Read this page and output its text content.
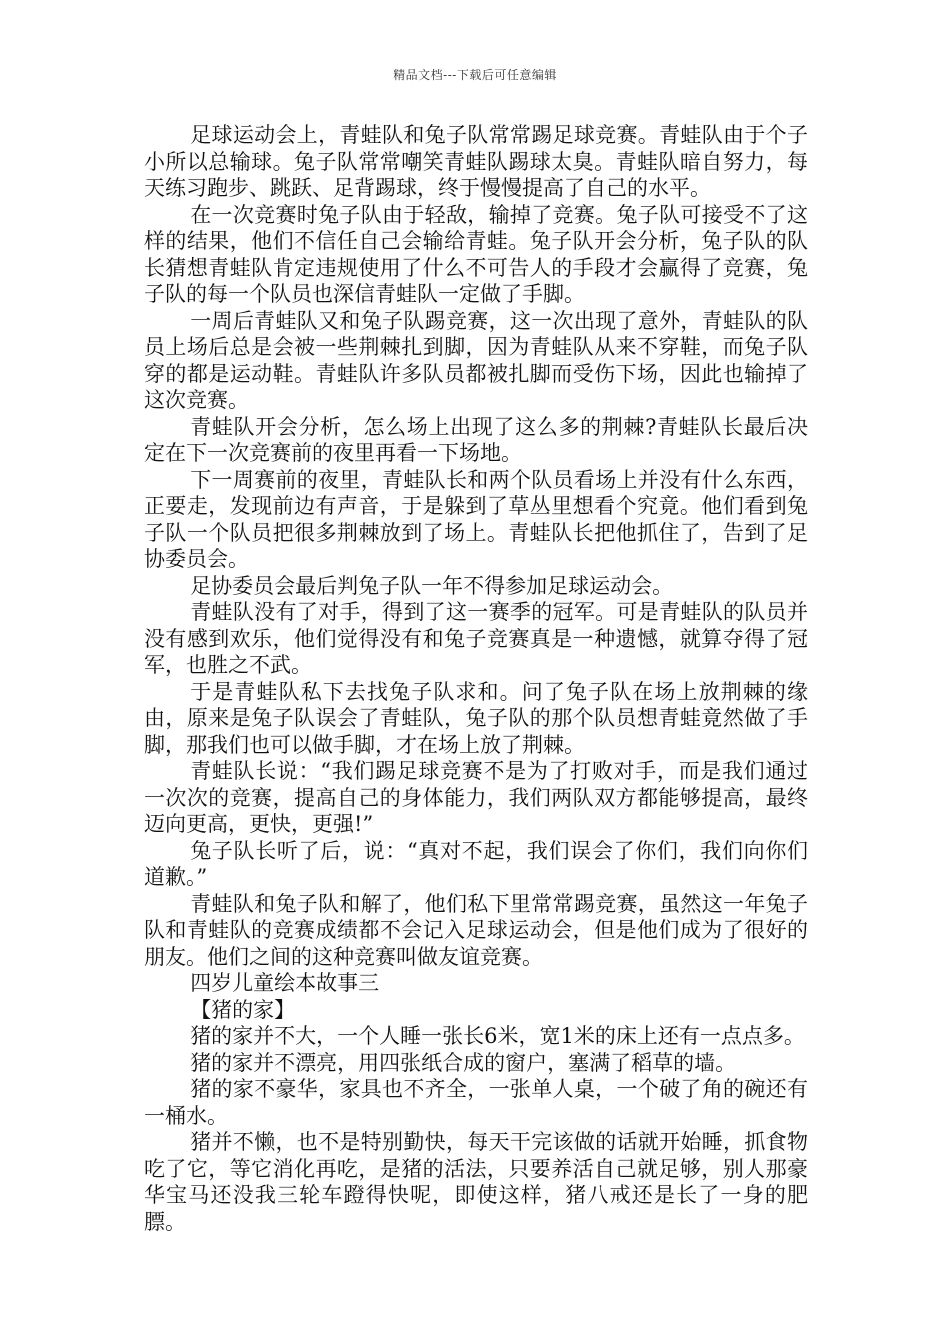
精品文档---下载后可任意编辑

足球运动会上，青蛙队和兔子队常常踢足球竞赛。青蛙队由于个子小所以总输球。兔子队常常嘲笑青蛙队踢球太臭。青蛙队暗自努力，每天练习跑步、跳跃、足背踢球，终于慢慢提高了自己的水平。

在一次竞赛时兔子队由于轻敌，输掉了竞赛。兔子队可接受不了这样的结果，他们不信任自己会输给青蛙。兔子队开会分析，兔子队的队长猜想青蛙队肯定违规使用了什么不可告人的手段才会赢得了竞赛，兔子队的每一个队员也深信青蛙队一定做了手脚。

一周后青蛙队又和兔子队踢竞赛，这一次出现了意外，青蛙队的队员上场后总是会被一些荆棘扎到脚，因为青蛙队从来不穿鞋，而兔子队穿的都是运动鞋。青蛙队许多队员都被扎脚而受伤下场，因此也输掉了这次竞赛。

青蛙队开会分析，怎么场上出现了这么多的荆棘?青蛙队长最后决定在下一次竞赛前的夜里再看一下场地。

下一周赛前的夜里，青蛙队长和两个队员看场上并没有什么东西，正要走，发现前边有声音，于是躲到了草丛里想看个究竟。他们看到兔子队一个队员把很多荆棘放到了场上。青蛙队长把他抓住了，告到了足协委员会。

足协委员会最后判兔子队一年不得参加足球运动会。

青蛙队没有了对手，得到了这一赛季的冠军。可是青蛙队的队员并没有感到欢乐，他们觉得没有和兔子竞赛真是一种遗憾，就算夺得了冠军，也胜之不武。

于是青蛙队私下去找兔子队求和。问了兔子队在场上放荆棘的缘由，原来是兔子队误会了青蛙队，兔子队的那个队员想青蛙竟然做了手脚，那我们也可以做手脚，才在场上放了荆棘。

青蛙队长说：“我们踢足球竞赛不是为了打败对手，而是我们通过一次次的竞赛，提高自己的身体能力，我们两队双方都能够提高，最终迈向更高，更快，更强!”

兔子队长听了后，说：“真对不起，我们误会了你们，我们向你们道歉。”

青蛙队和兔子队和解了，他们私下里常常踢竞赛，虽然这一年兔子队和青蛙队的竞赛成绩都不会记入足球运动会，但是他们成为了很好的朋友。他们之间的这种竞赛叫做友谊竞赛。

四岁儿童绘本故事三

【猪的家】

猪的家并不大，一个人睡一张长6米，宽1米的床上还有一点点多。

猪的家并不漂亮，用四张纸合成的窗户，塞满了稻草的墙。

猪的家不豪华，家具也不齐全，一张单人桌，一个破了角的碗还有一桶水。

猪并不懒，也不是特别勤快，每天干完该做的话就开始睡，抓食物吃了它，等它消化再吃，是猪的活法，只要养活自己就足够，别人那豪华宝马还没我三轮车蹬得快呢，即使这样，猪八戒还是长了一身的肥膘。
